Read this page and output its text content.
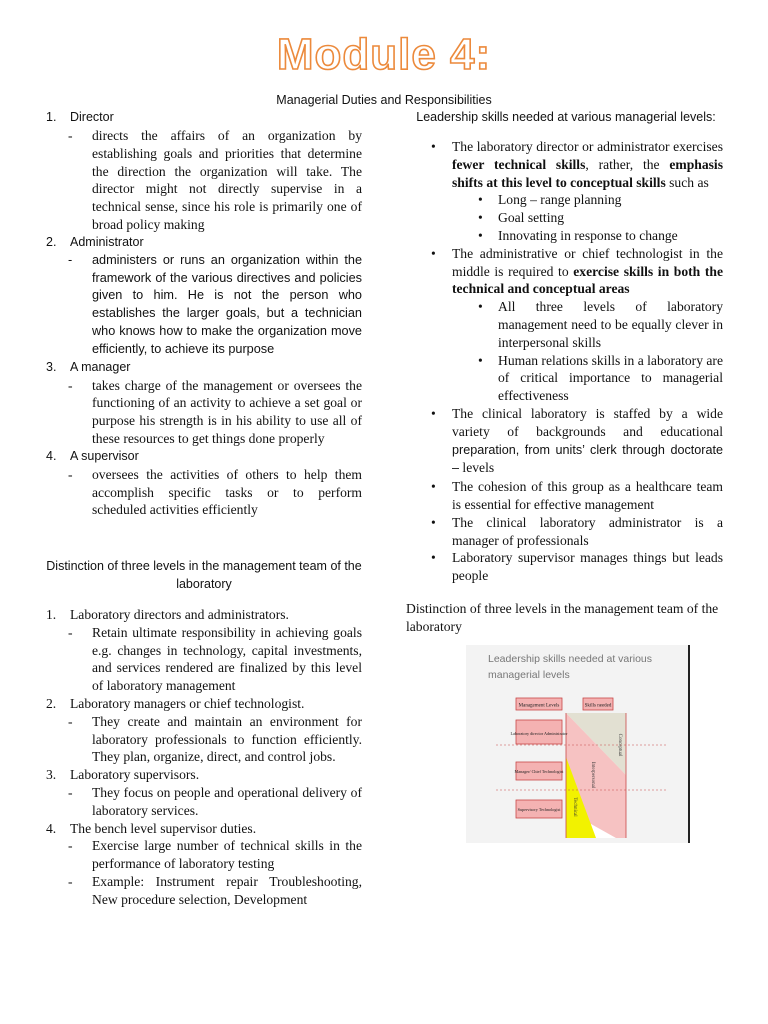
Module 4:
Managerial Duties and Responsibilities
1. Director
- directs the affairs of an organization by establishing goals and priorities that determine the direction the organization will take. The director might not directly supervise in a technical sense, since his role is primarily one of broad policy making
2. Administrator
- administers or runs an organization within the framework of the various directives and policies given to him. He is not the person who establishes the larger goals, but a technician who knows how to make the organization move efficiently, to achieve its purpose
3. A manager
- takes charge of the management or oversees the functioning of an activity to achieve a set goal or purpose his strength is in his ability to use all of these resources to get things done properly
4. A supervisor
- oversees the activities of others to help them accomplish specific tasks or to perform scheduled activities efficiently
Distinction of three levels in the management team of the laboratory
1. Laboratory directors and administrators.
- Retain ultimate responsibility in achieving goals e.g. changes in technology, capital investments, and services rendered are finalized by this level of laboratory management
2. Laboratory managers or chief technologist.
- They create and maintain an environment for laboratory professionals to function efficiently. They plan, organize, direct, and control jobs.
3. Laboratory supervisors.
- They focus on people and operational delivery of laboratory services.
4. The bench level supervisor duties.
- Exercise large number of technical skills in the performance of laboratory testing
- Example: Instrument repair Troubleshooting, New procedure selection, Development
Leadership skills needed at various managerial levels:
• The laboratory director or administrator exercises fewer technical skills, rather, the emphasis shifts at this level to conceptual skills such as
• Long – range planning
• Goal setting
• Innovating in response to change
• The administrative or chief technologist in the middle is required to exercise skills in both the technical and conceptual areas
• All three levels of laboratory management need to be equally clever in interpersonal skills
• Human relations skills in a laboratory are of critical importance to managerial effectiveness
• The clinical laboratory is staffed by a wide variety of backgrounds and educational preparation, from units’ clerk through doctorate – levels
• The cohesion of this group as a healthcare team is essential for effective management
• The clinical laboratory administrator is a manager of professionals
• Laboratory supervisor manages things but leads people
Distinction of three levels in the management team of the laboratory
Leadership skills needed at various
managerial levels
Management Levels	Skills needed
Laboratory director Administrator
Manager/ Chief Technologist
Supervisory Technologist
Conceptual
Interpersonal
Technical
